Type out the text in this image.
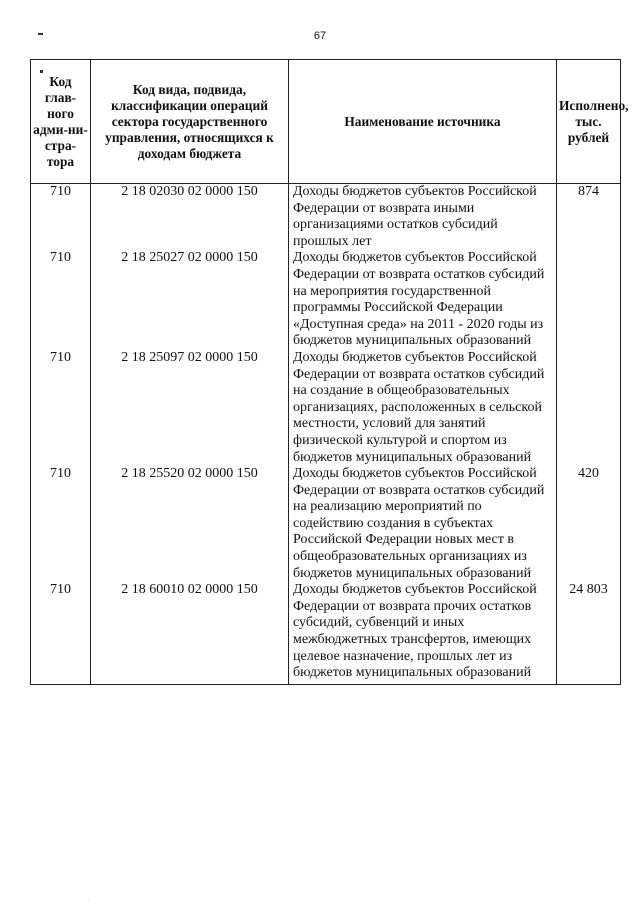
67
Код глав-ного адми-ни-стра-тора	Код вида, подвида, классификации операций сектора государственного управления, относящихся к доходам бюджета	Наименование источника	Исполнено, тыс. рублей
710	2 18 02030 02 0000 150	Доходы бюджетов субъектов Российской Федерации от возврата иными организациями остатков субсидий прошлых лет	874
710	2 18 25027 02 0000 150	Доходы бюджетов субъектов Российской Федерации от возврата остатков субсидий на мероприятия государственной программы Российской Федерации «Доступная среда» на 2011 - 2020 годы из бюджетов муниципальных образований	
710	2 18 25097 02 0000 150	Доходы бюджетов субъектов Российской Федерации от возврата остатков субсидий на создание в общеобразовательных организациях, расположенных в сельской местности, условий для занятий физической культурой и спортом из бюджетов муниципальных образований	
710	2 18 25520 02 0000 150	Доходы бюджетов субъектов Российской Федерации от возврата остатков субсидий на реализацию мероприятий по содействию создания в субъектах Российской Федерации новых мест в общеобразовательных организациях из бюджетов муниципальных образований	420
710	2 18 60010 02 0000 150	Доходы бюджетов субъектов Российской Федерации от возврата прочих остатков субсидий, субвенций и иных межбюджетных трансфертов, имеющих целевое назначение, прошлых лет из бюджетов муниципальных образований	24 803
·
